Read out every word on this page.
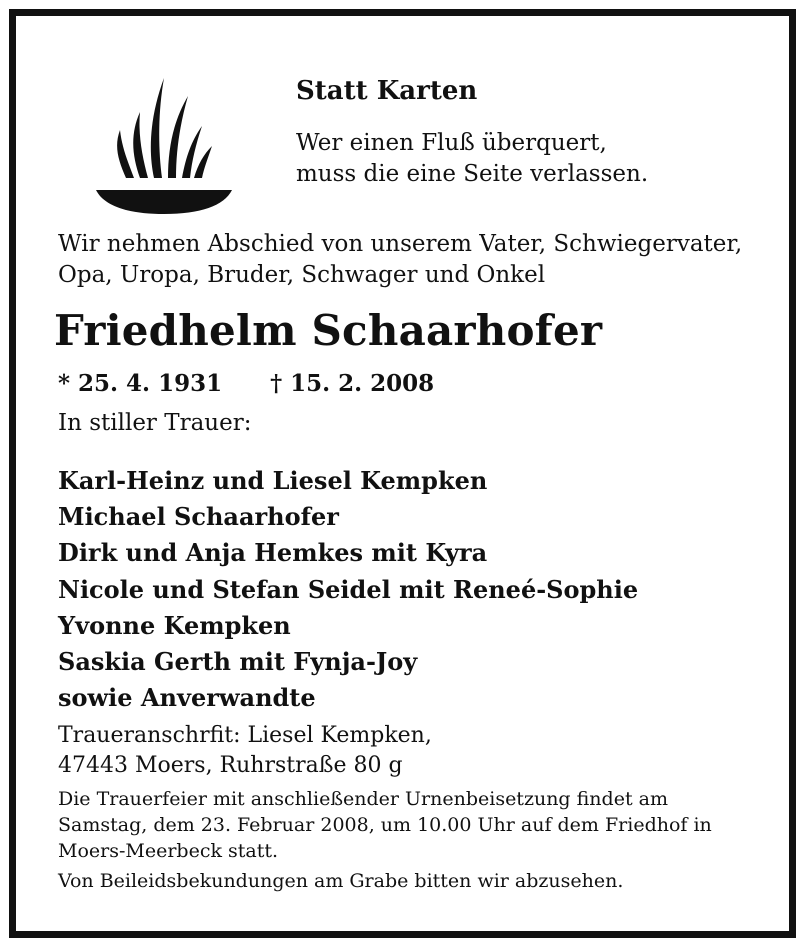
Statt Karten
Wer einen Fluß überquert,
muss die eine Seite verlassen.
Wir nehmen Abschied von unserem Vater, Schwiegervater,
Opa, Uropa, Bruder, Schwager und Onkel
Friedhelm Schaarhofer
* 25. 4. 1931 † 15. 2. 2008
In stiller Trauer:
Karl-Heinz und Liesel Kempken
Michael Schaarhofer
Dirk und Anja Hemkes mit Kyra
Nicole und Stefan Seidel mit Reneé-Sophie
Yvonne Kempken
Saskia Gerth mit Fynja-Joy
sowie Anverwandte
Traueranschrfit: Liesel Kempken,
47443 Moers, Ruhrstraße 80 g
Die Trauerfeier mit anschließender Urnenbeisetzung findet am
Samstag, dem 23. Februar 2008, um 10.00 Uhr auf dem Friedhof in
Moers-Meerbeck statt.
Von Beileidsbekundungen am Grabe bitten wir abzusehen.
